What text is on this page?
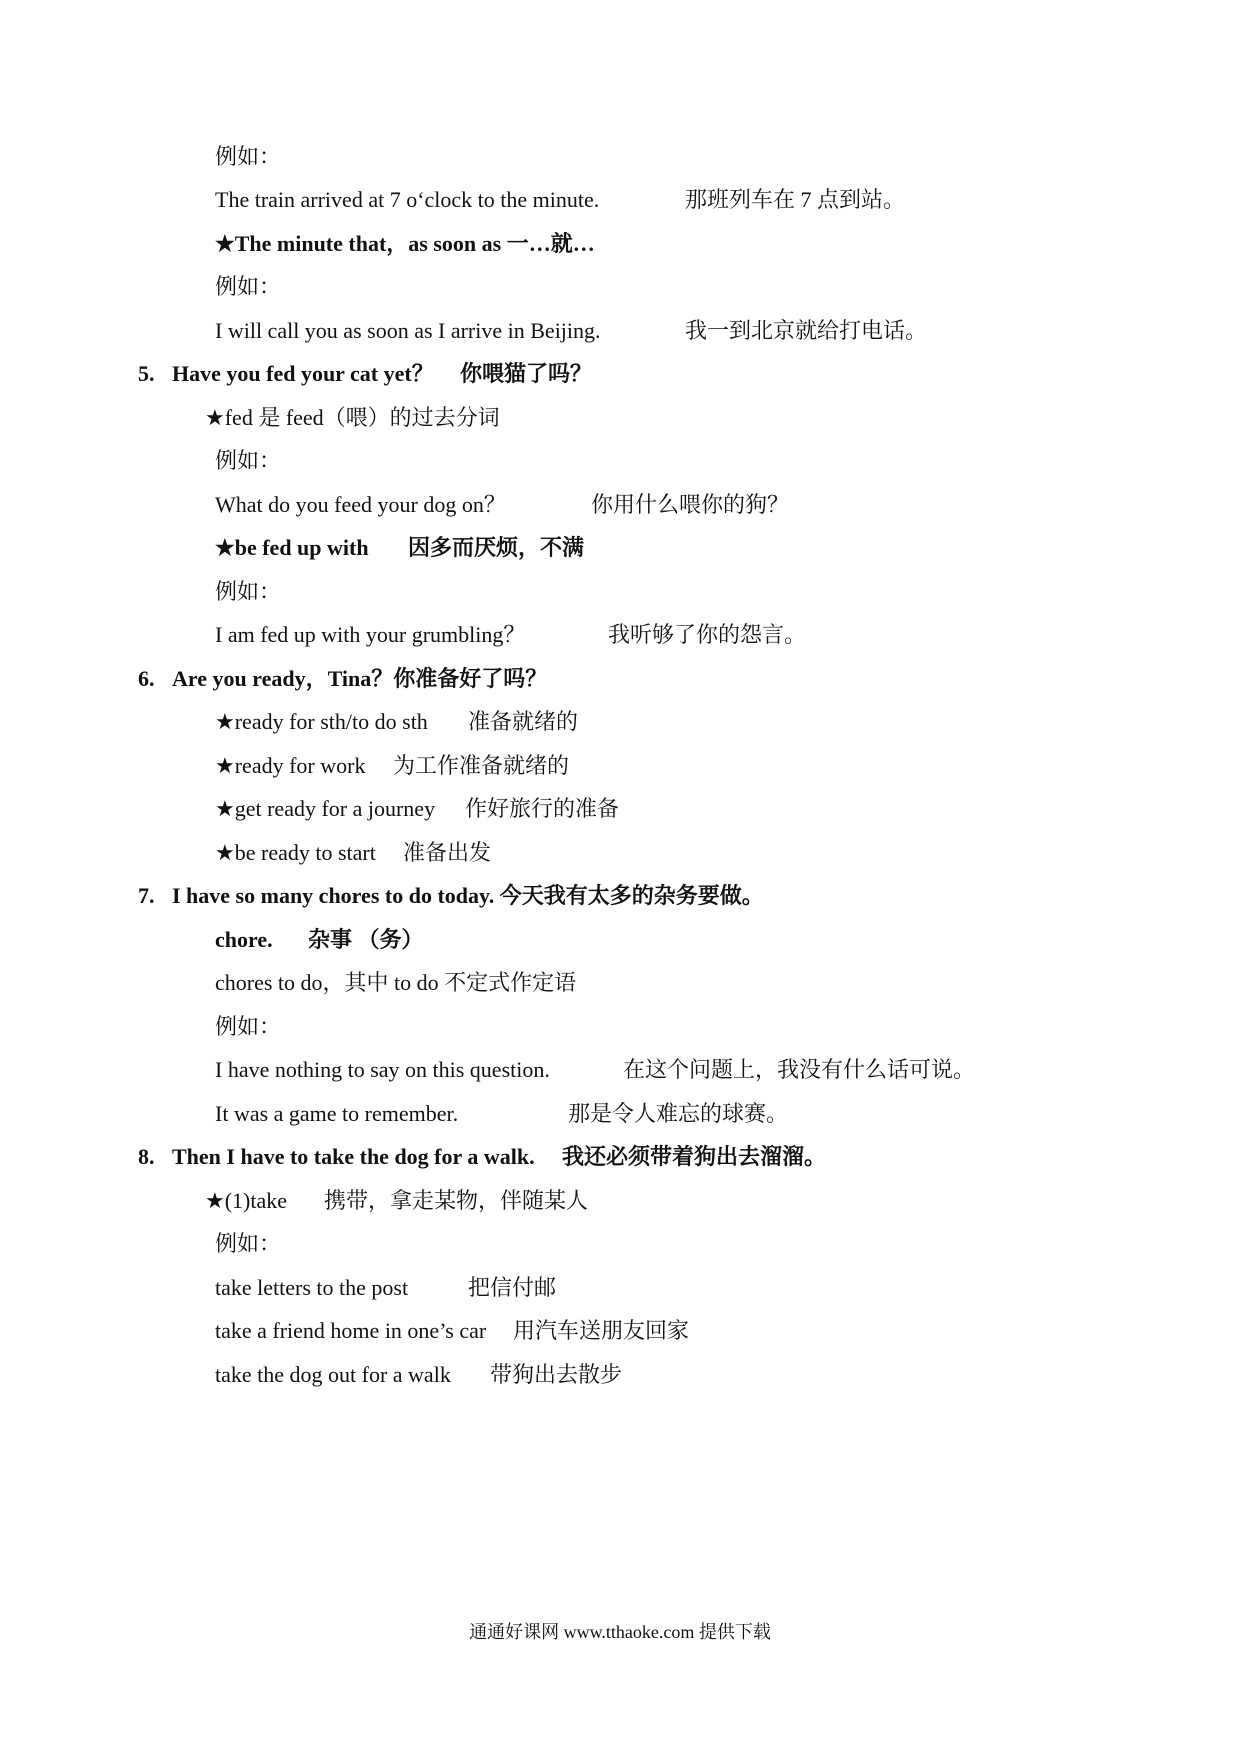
例如：
The train arrived at 7 o‘clock to the minute.	那班列车在 7 点到站。
★The minute that，as soon as 一…就…
例如：
I will call you as soon as I arrive in Beijing.	我一到北京就给打电话。
5. Have you fed your cat yet？ 你喂猫了吗？
★fed 是 feed（喂）的过去分词
例如：
What do you feed your dog on？	你用什么喂你的狗？
★be fed up with 因多而厌烦，不满
例如：
I am fed up with your grumbling？	我听够了你的怨言。
6. Are you ready，Tina？你准备好了吗？
★ready for sth/to do sth 准备就绪的
★ready for work 为工作准备就绪的
★get ready for a journey 作好旅行的准备
★be ready to start 准备出发
7. I have so many chores to do today. 今天我有太多的杂务要做。
chore. 杂事 （务）
chores to do，其中 to do 不定式作定语
例如：
I have nothing to say on this question.	在这个问题上，我没有什么话可说。
It was a game to remember.	那是令人难忘的球赛。
8. Then I have to take the dog for a walk. 我还必须带着狗出去溜溜。
★(1)take 携带，拿走某物，伴随某人
例如：
take letters to the post	把信付邮
take a friend home in one’s car 用汽车送朋友回家
take the dog out for a walk 带狗出去散步
通通好课网 www.tthaoke.com 提供下载
